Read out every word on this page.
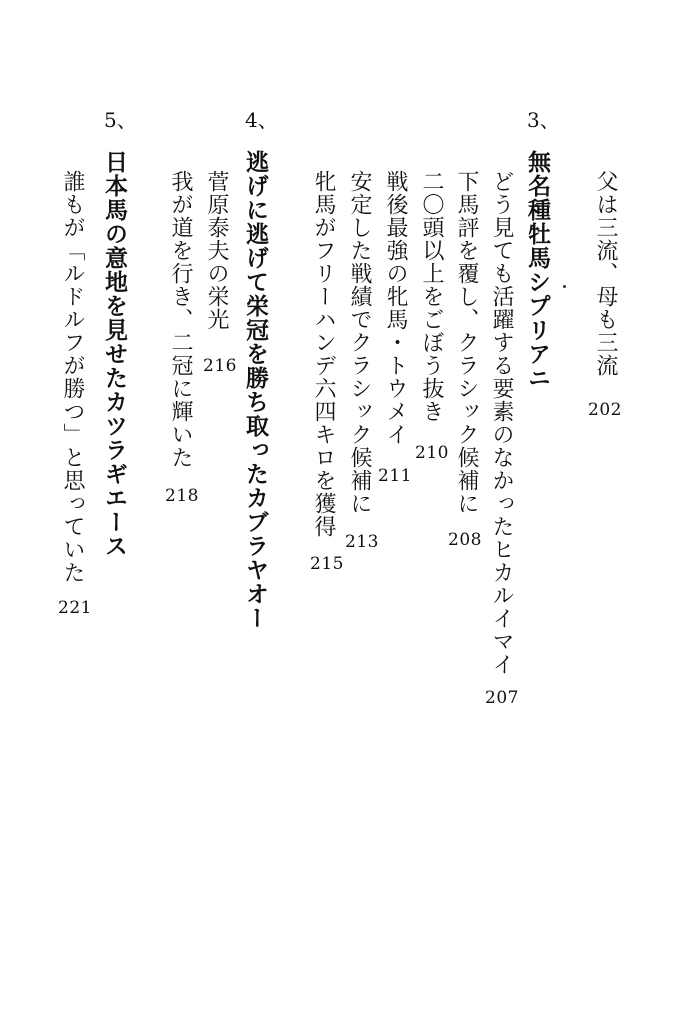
父は三流、母も三流
202
3、
無名種牡馬シプリアニ
どう見ても活躍する要素のなかったヒカルイマイ
207
下馬評を覆し、クラシック候補に
208
二〇頭以上をごぼう抜き
210
戦後最強の牝馬・トウメイ
211
安定した戦績でクラシック候補に
213
牝馬がフリーハンデ六四キロを獲得
215
4、
逃げに逃げて栄冠を勝ち取ったカブラヤオー
菅原泰夫の栄光
216
我が道を行き、二冠に輝いた
218
5、
日本馬の意地を見せたカツラギエース
誰もが「ルドルフが勝つ」と思っていた
221
